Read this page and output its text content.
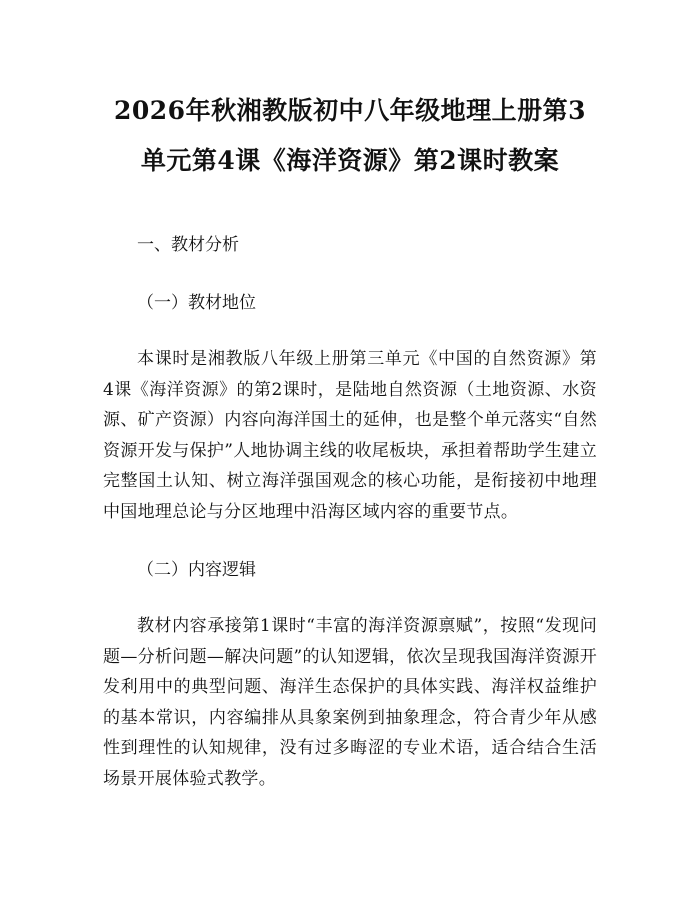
2026年秋湘教版初中八年级地理上册第3单元第4课《海洋资源》第2课时教案

一、教材分析

（一）教材地位

本课时是湘教版八年级上册第三单元《中国的自然资源》第4课《海洋资源》的第2课时，是陆地自然资源（土地资源、水资源、矿产资源）内容向海洋国土的延伸，也是整个单元落实“自然资源开发与保护”人地协调主线的收尾板块，承担着帮助学生建立完整国土认知、树立海洋强国观念的核心功能，是衔接初中地理中国地理总论与分区地理中沿海区域内容的重要节点。

（二）内容逻辑

教材内容承接第1课时“丰富的海洋资源禀赋”，按照“发现问题—分析问题—解决问题”的认知逻辑，依次呈现我国海洋资源开发利用中的典型问题、海洋生态保护的具体实践、海洋权益维护的基本常识，内容编排从具象案例到抽象理念，符合青少年从感性到理性的认知规律，没有过多晦涩的专业术语，适合结合生活场景开展体验式教学。
